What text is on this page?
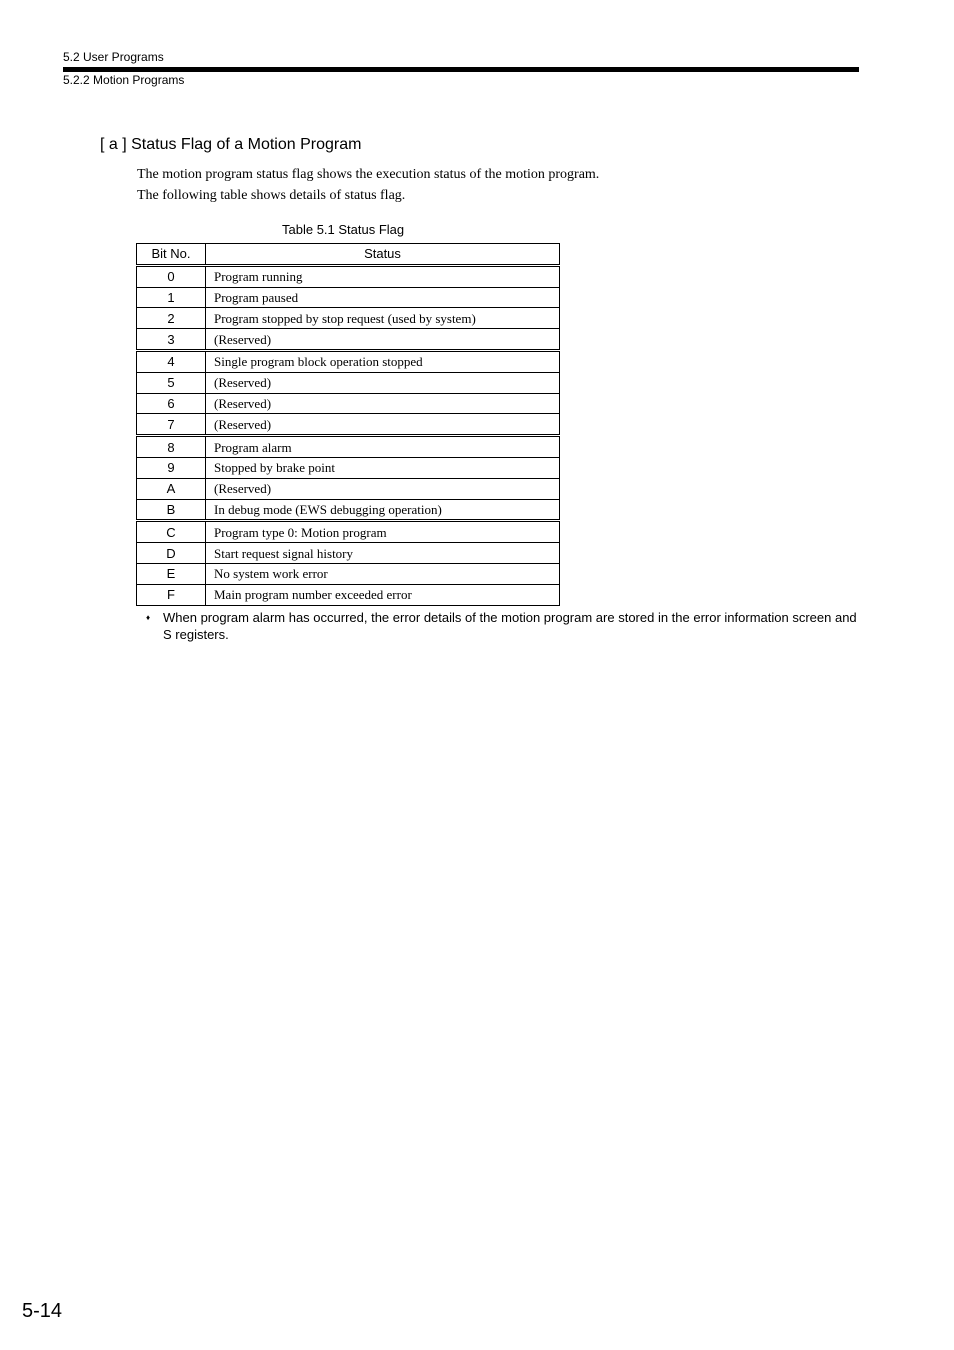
5.2 User Programs
5.2.2 Motion Programs
[ a ] Status Flag of a Motion Program
The motion program status flag shows the execution status of the motion program.
The following table shows details of status flag.
Table 5.1 Status Flag
Bit No.	Status
0	Program running
1	Program paused
2	Program stopped by stop request (used by system)
3	(Reserved)
4	Single program block operation stopped
5	(Reserved)
6	(Reserved)
7	(Reserved)
8	Program alarm
9	Stopped by brake point
A	(Reserved)
B	In debug mode (EWS debugging operation)
C	Program type 0: Motion program
D	Start request signal history
E	No system work error
F	Main program number exceeded error
♦ When program alarm has occurred, the error details of the motion program are stored in the error information screen and S registers.
5-14
